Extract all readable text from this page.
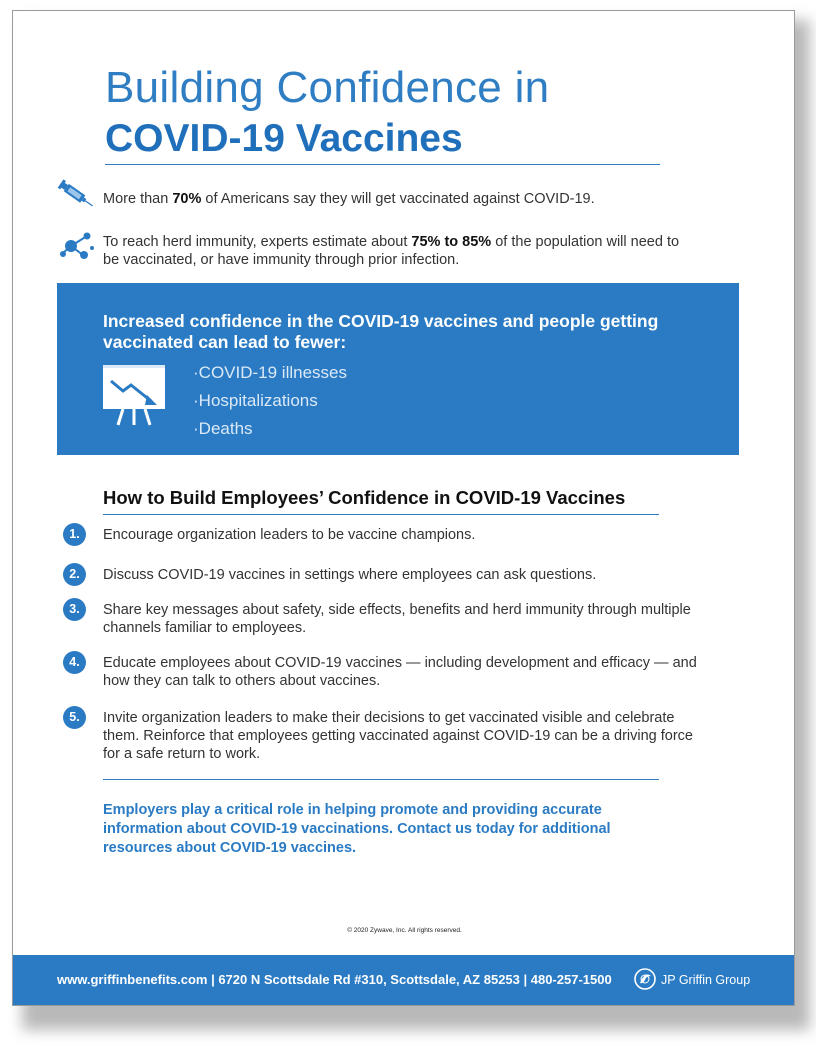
Building Confidence in
COVID-19 Vaccines
More than 70% of Americans say they will get vaccinated against COVID-19.
To reach herd immunity, experts estimate about 75% to 85% of the population will need to be vaccinated, or have immunity through prior infection.
Increased confidence in the COVID-19 vaccines and people getting vaccinated can lead to fewer:
· COVID-19 illnesses
· Hospitalizations
· Deaths
How to Build Employees’ Confidence in COVID-19 Vaccines
1.	Encourage organization leaders to be vaccine champions.
2.	Discuss COVID-19 vaccines in settings where employees can ask questions.
3.	Share key messages about safety, side effects, benefits and herd immunity through multiple channels familiar to employees.
4.	Educate employees about COVID-19 vaccines — including development and efficacy — and how they can talk to others about vaccines.
5.	Invite organization leaders to make their decisions to get vaccinated visible and celebrate them. Reinforce that employees getting vaccinated against COVID-19 can be a driving force for a safe return to work.
Employers play a critical role in helping promote and providing accurate information about COVID-19 vaccinations. Contact us today for additional resources about COVID-19 vaccines.
© 2020 Zywave, Inc. All rights reserved.
www.griffinbenefits.com | 6720 N Scottsdale Rd #310, Scottsdale, AZ 85253 | 480-257-1500	JP Griffin Group
